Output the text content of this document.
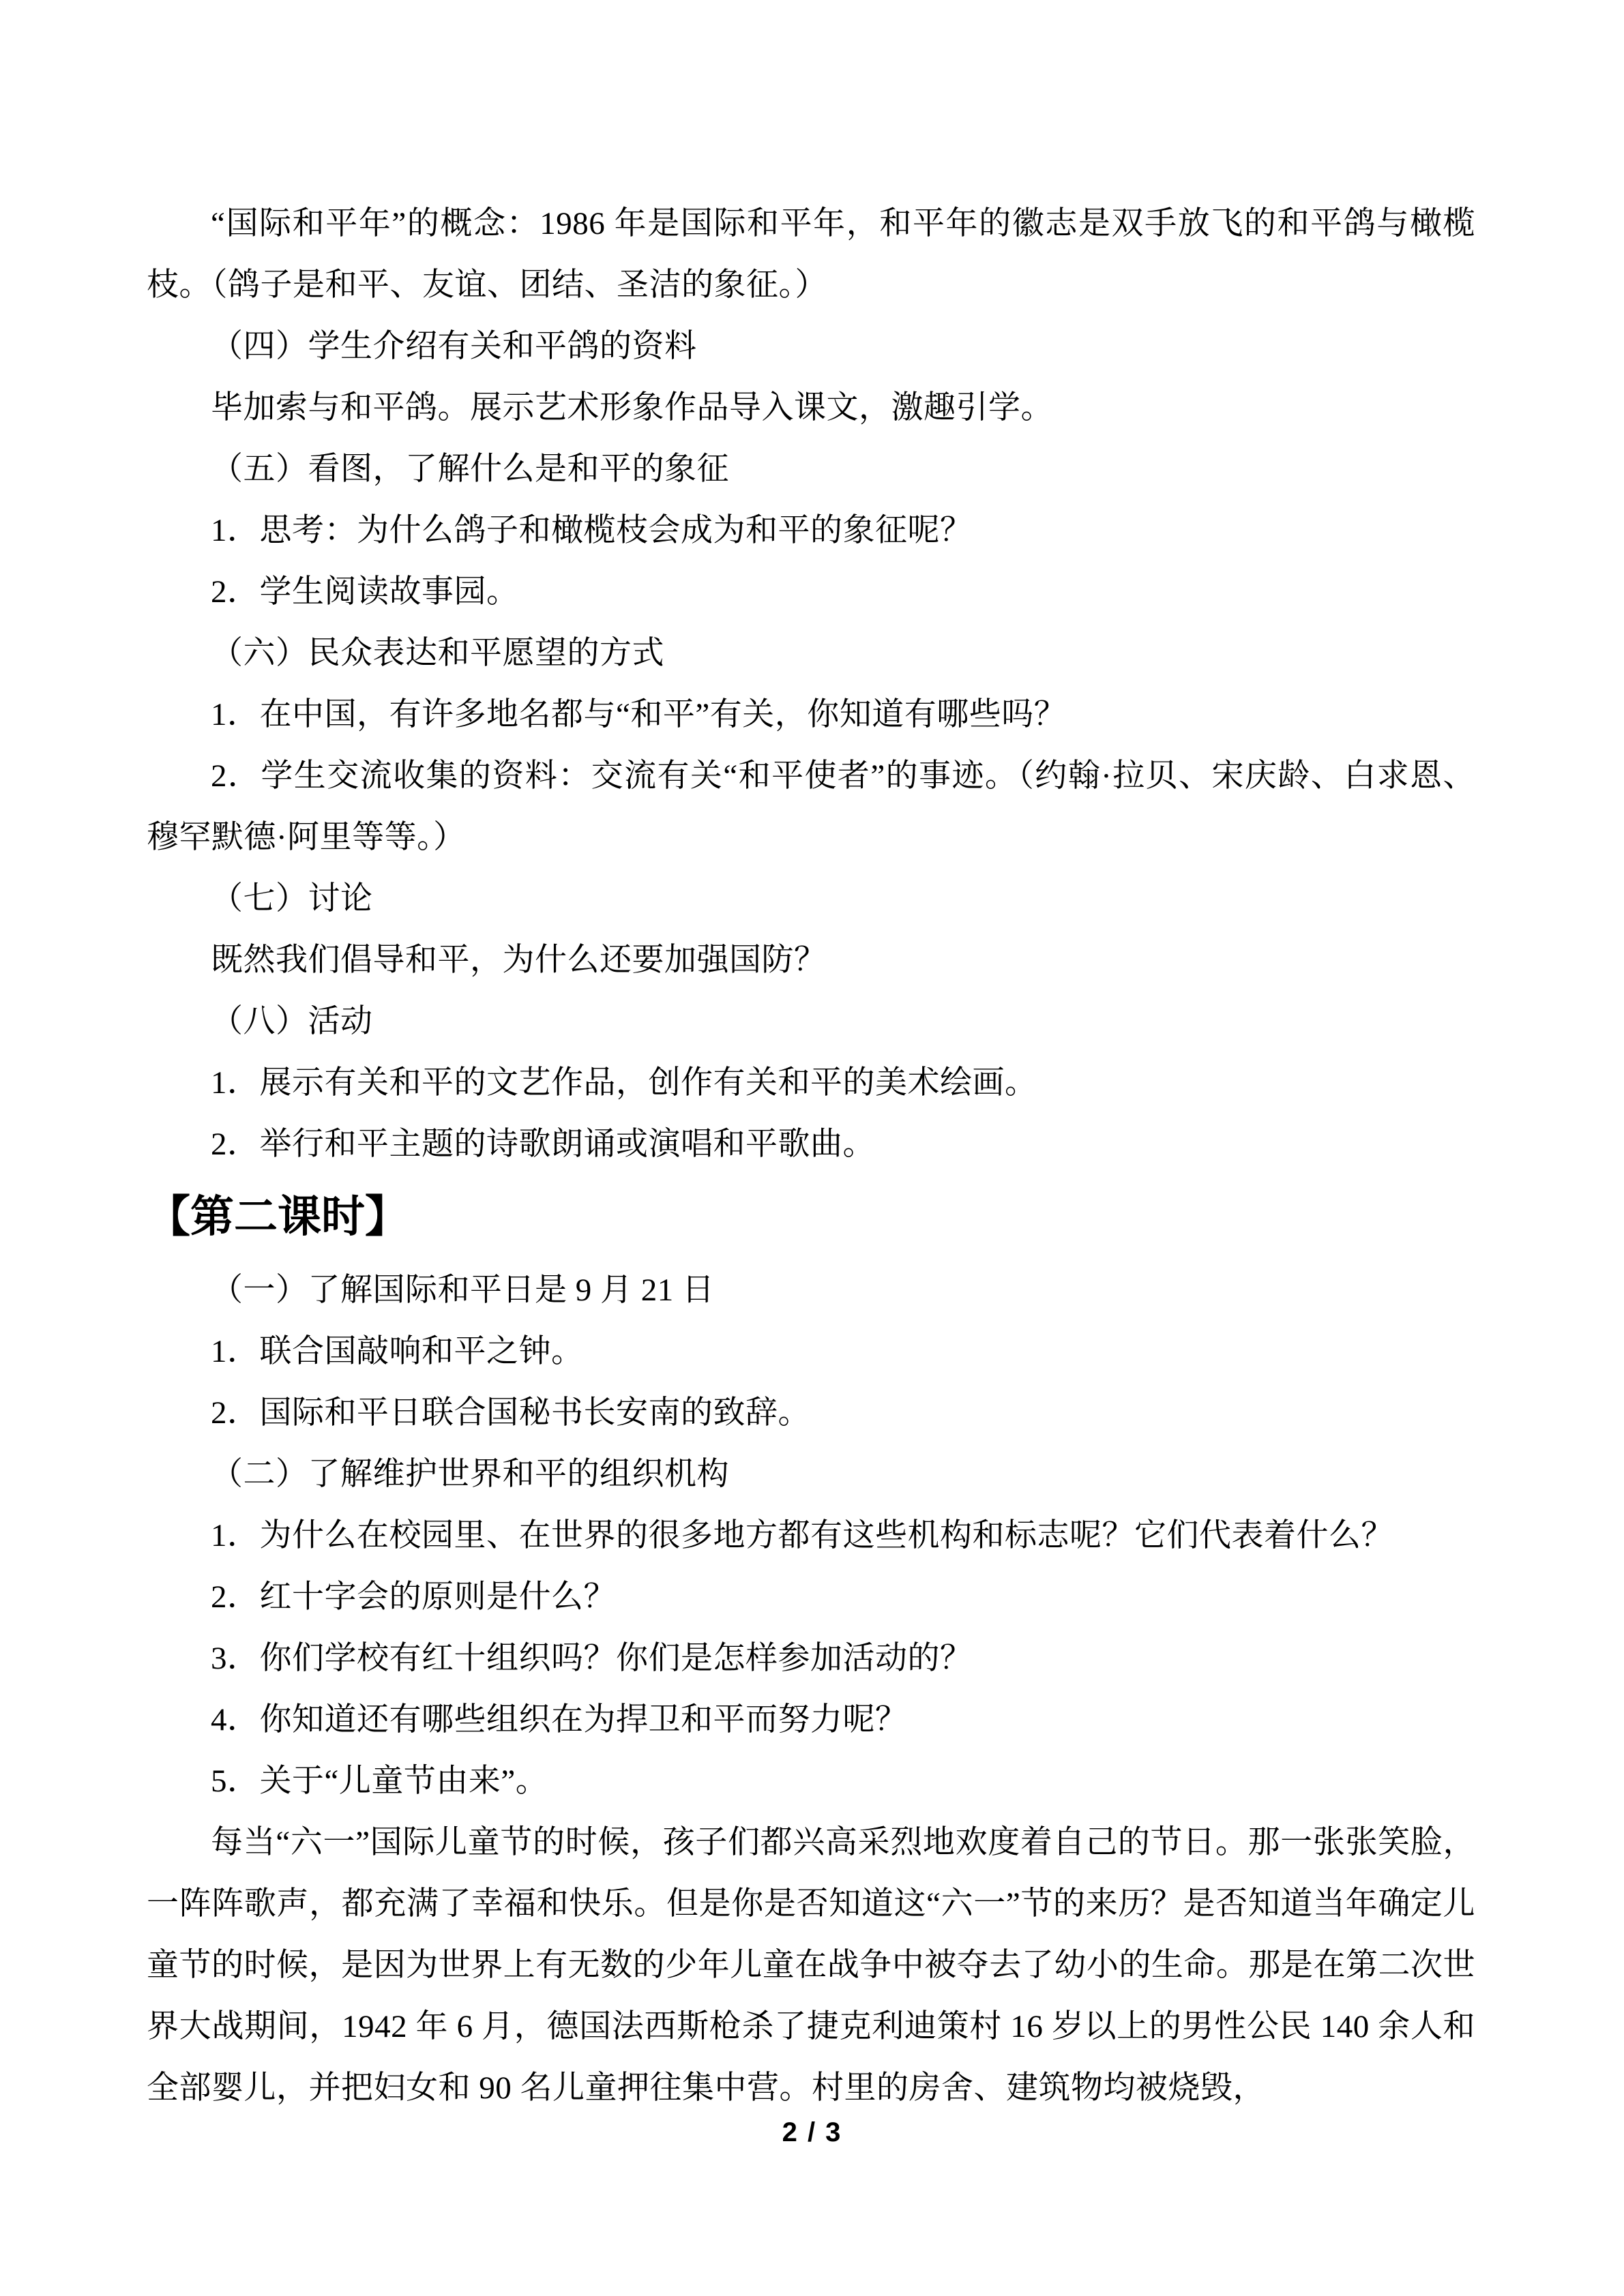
“国际和平年”的概念：1986 年是国际和平年，和平年的徽志是双手放飞的和平鸽与橄榄枝。（鸽子是和平、友谊、团结、圣洁的象征。）

（四）学生介绍有关和平鸽的资料

毕加索与和平鸽。展示艺术形象作品导入课文，激趣引学。

（五）看图，了解什么是和平的象征

1．思考：为什么鸽子和橄榄枝会成为和平的象征呢？

2．学生阅读故事园。

（六）民众表达和平愿望的方式

1．在中国，有许多地名都与“和平”有关，你知道有哪些吗？

2．学生交流收集的资料：交流有关“和平使者”的事迹。（约翰·拉贝、宋庆龄、白求恩、穆罕默德·阿里等等。）

（七）讨论

既然我们倡导和平，为什么还要加强国防？

（八）活动

1．展示有关和平的文艺作品，创作有关和平的美术绘画。

2．举行和平主题的诗歌朗诵或演唱和平歌曲。

【第二课时】

（一）了解国际和平日是 9 月 21 日

1．联合国敲响和平之钟。

2．国际和平日联合国秘书长安南的致辞。

（二）了解维护世界和平的组织机构

1．为什么在校园里、在世界的很多地方都有这些机构和标志呢？它们代表着什么？

2．红十字会的原则是什么？

3．你们学校有红十组织吗？你们是怎样参加活动的？

4．你知道还有哪些组织在为捍卫和平而努力呢？

5．关于“儿童节由来”。

每当“六一”国际儿童节的时候，孩子们都兴高采烈地欢度着自己的节日。那一张张笑脸，一阵阵歌声，都充满了幸福和快乐。但是你是否知道这“六一”节的来历？是否知道当年确定儿童节的时候，是因为世界上有无数的少年儿童在战争中被夺去了幼小的生命。那是在第二次世界大战期间，1942 年 6 月，德国法西斯枪杀了捷克利迪策村 16 岁以上的男性公民 140 余人和全部婴儿，并把妇女和 90 名儿童押往集中营。村里的房舍、建筑物均被烧毁，

2 / 3
